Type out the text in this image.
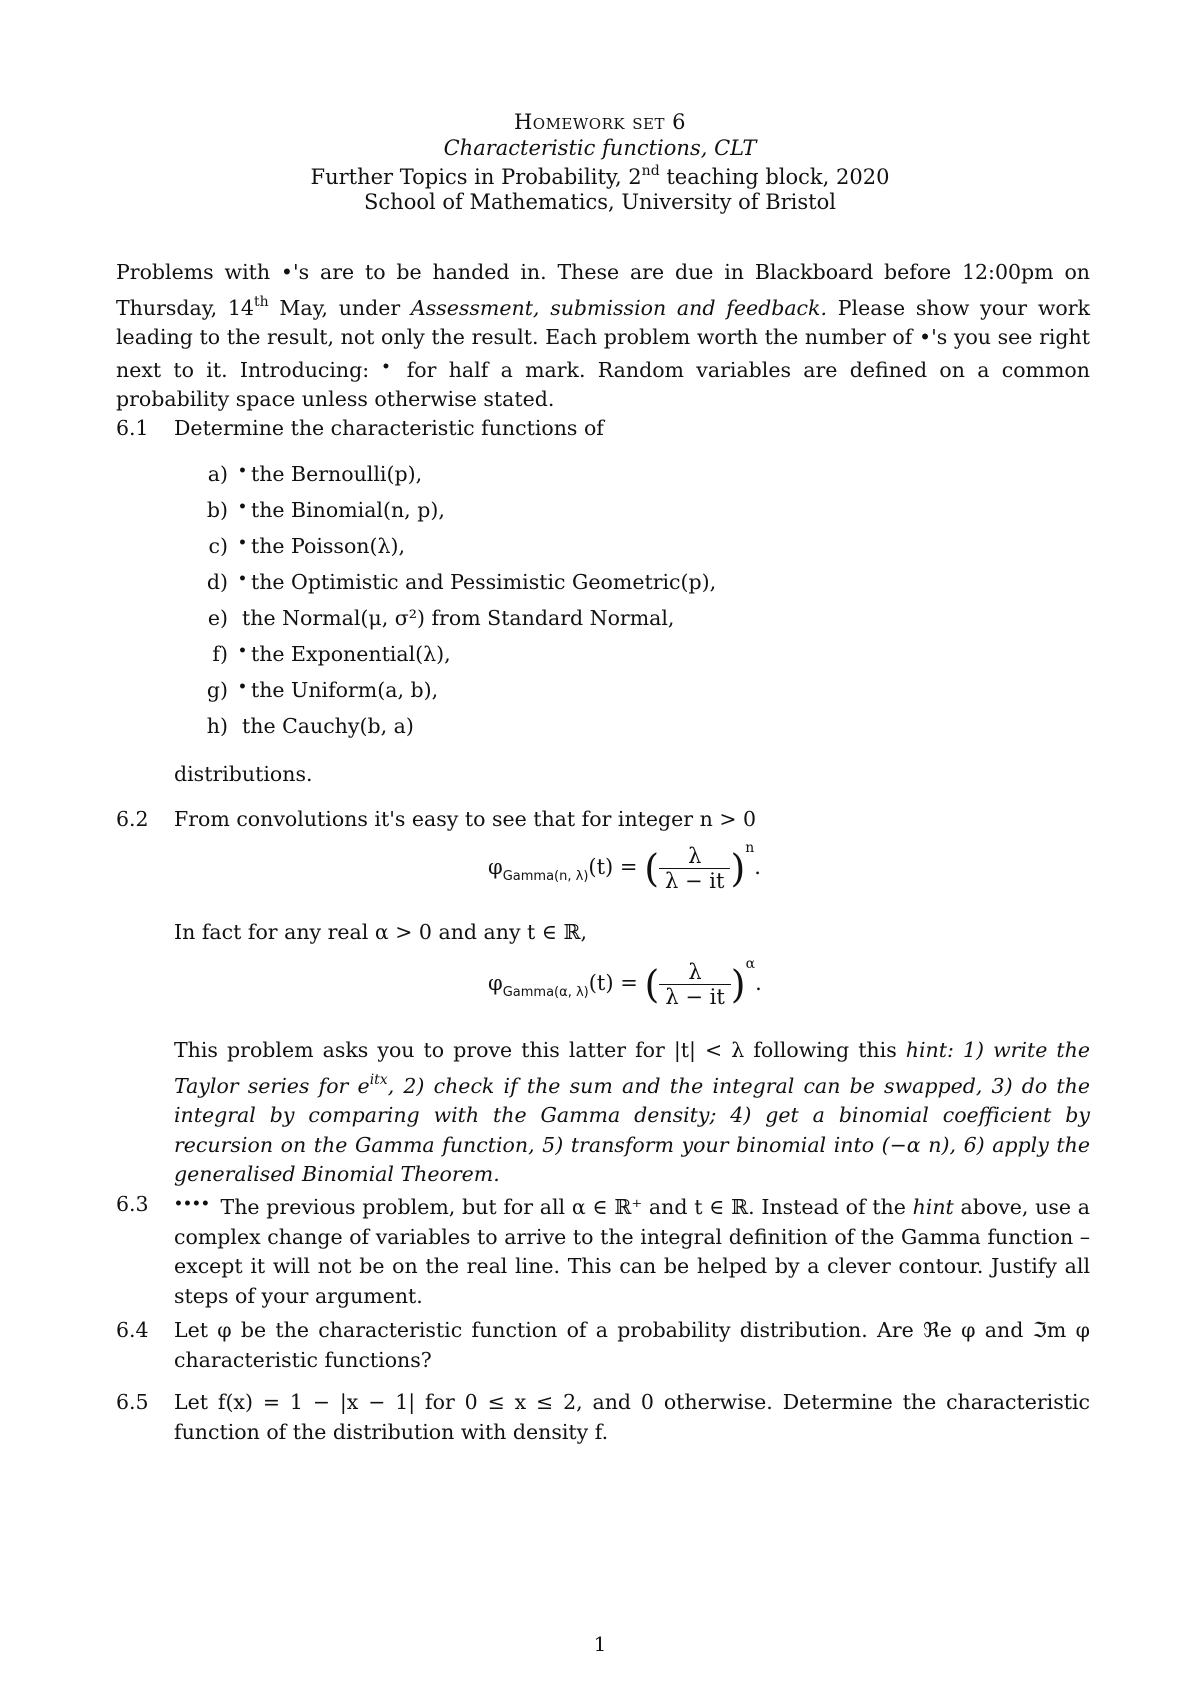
Homework set 6
Characteristic functions, CLT
Further Topics in Probability, 2nd teaching block, 2020
School of Mathematics, University of Bristol
Problems with •'s are to be handed in. These are due in Blackboard before 12:00pm on Thursday, 14th May, under Assessment, submission and feedback. Please show your work leading to the result, not only the result. Each problem worth the number of •'s you see right next to it. Introducing: • for half a mark. Random variables are defined on a common probability space unless otherwise stated.
6.1	Determine the characteristic functions of
a) • the Bernoulli(p),
b) • the Binomial(n, p),
c) • the Poisson(λ),
d) • the Optimistic and Pessimistic Geometric(p),
e) the Normal(μ, σ²) from Standard Normal,
f) • the Exponential(λ),
g) • the Uniform(a, b),
h) the Cauchy(b, a)
distributions.
6.2	From convolutions it's easy to see that for integer n > 0
$\varphi_{Gamma(n, \lambda)}(t)$ = ( $\frac{\lambda}{\lambda - it} )^n$.
In fact for any real α > 0 and any t ∈ ℝ,
$\varphi_{Gamma(\alpha, \lambda)}(t)$ = ( $\frac{\lambda}{\lambda - it} )^\alpha$.
This problem asks you to prove this latter for |t| < λ following this hint: 1) write the Taylor series for $e^{itx}$, 2) check if the sum and the integral can be swapped, 3) do the integral by comparing with the Gamma density; 4) get a binomial coefficient by recursion on the Gamma function, 5) transform your binomial into (−α n), 6) apply the generalised Binomial Theorem.
6.3	•••• The previous problem, but for all α ∈ ℝ⁺ and t ∈ ℝ. Instead of the hint above, use a complex change of variables to arrive to the integral definition of the Gamma function – except it will not be on the real line. This can be helped by a clever contour. Justify all steps of your argument.
6.4	Let φ be the characteristic function of a probability distribution. Are ℜe φ and ℑm φ characteristic functions?
6.5	Let f(x) = 1 − |x − 1| for 0 ≤ x ≤ 2, and 0 otherwise. Determine the characteristic function of the distribution with density f.
1
